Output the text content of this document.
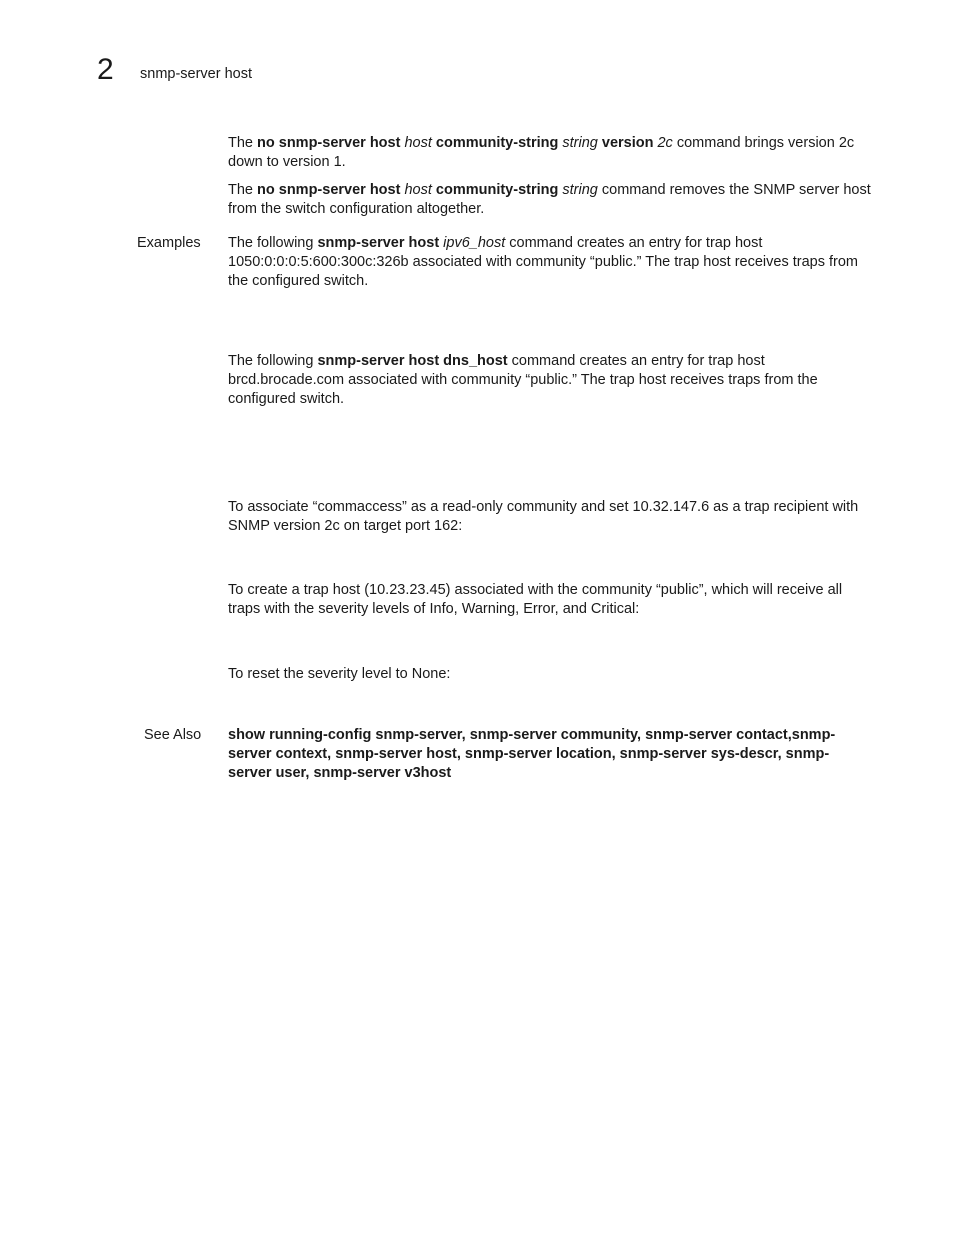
2 snmp-server host

The no snmp-server host host community-string string version 2c command brings version 2c down to version 1.

The no snmp-server host host community-string string command removes the SNMP server host from the switch configuration altogether.

Examples The following snmp-server host ipv6_host command creates an entry for trap host 1050:0:0:0:5:600:300c:326b associated with community “public.” The trap host receives traps from the configured switch.

The following snmp-server host dns_host command creates an entry for trap host brcd.brocade.com associated with community “public.” The trap host receives traps from the configured switch.

To associate “commaccess” as a read-only community and set 10.32.147.6 as a trap recipient with SNMP version 2c on target port 162:

To create a trap host (10.23.23.45) associated with the community “public”, which will receive all traps with the severity levels of Info, Warning, Error, and Critical:

To reset the severity level to None:

See Also show running-config snmp-server, snmp-server community, snmp-server contact,snmp-server context, snmp-server host, snmp-server location, snmp-server sys-descr, snmp-server user, snmp-server v3host
